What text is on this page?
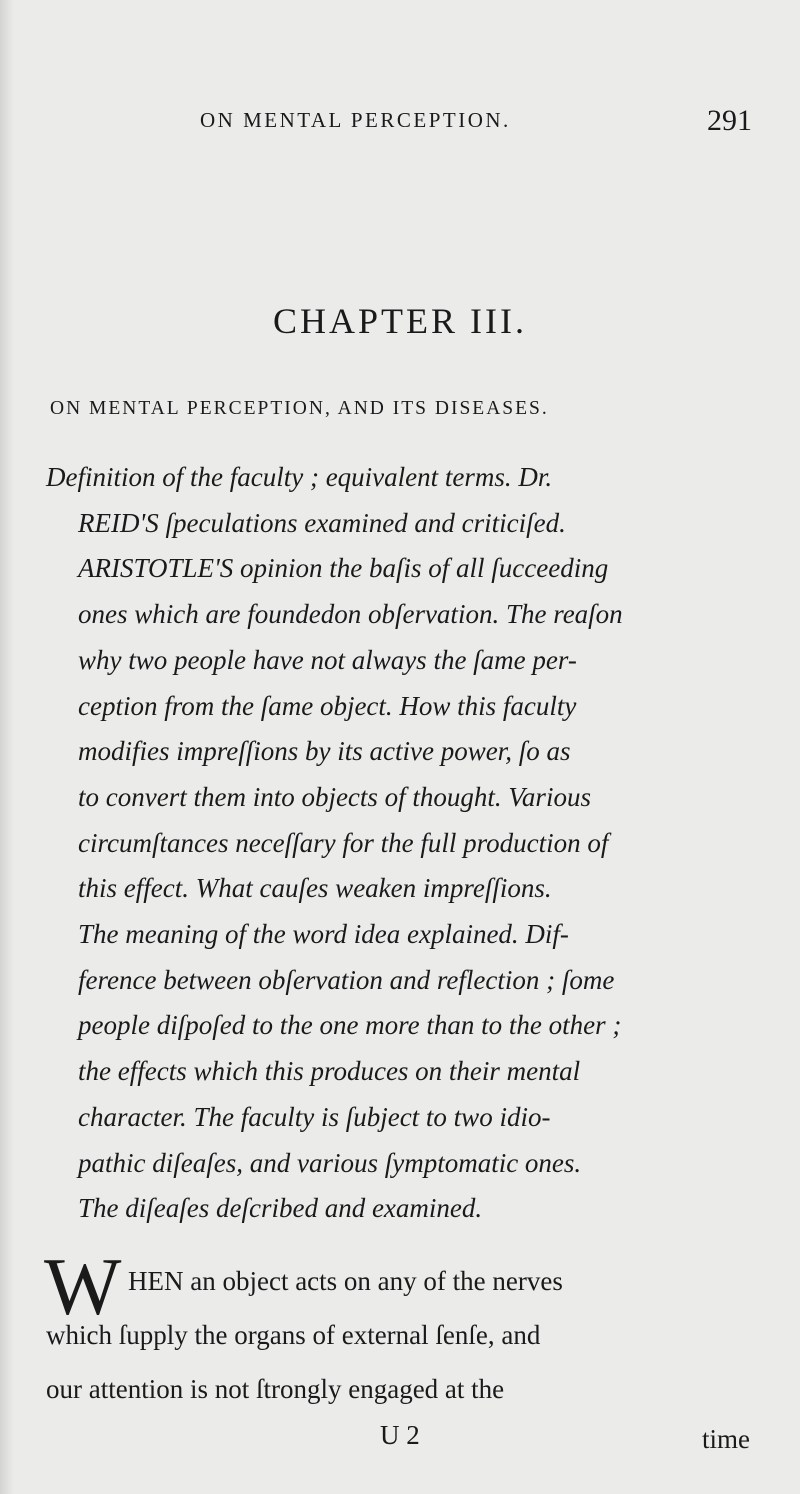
ON MENTAL PERCEPTION.	291
CHAPTER III.
ON MENTAL PERCEPTION, AND ITS DISEASES.
Definition of the faculty ; equivalent terms. Dr.
REID'S ſpeculations examined and criticiſed.
ARISTOTLE'S opinion the baſis of all ſucceeding
ones which are foundedon obſervation. The reaſon
why two people have not always the ſame per-
ception from the ſame object. How this faculty
modifies impreſſions by its active power, ſo as
to convert them into objects of thought. Various
circumſtances neceſſary for the full production of
this effect. What cauſes weaken impreſſions.
The meaning of the word idea explained. Dif-
ference between obſervation and reflection ; ſome
people diſpoſed to the one more than to the other ;
the effects which this produces on their mental
character. The faculty is ſubject to two idio-
pathic diſeaſes, and various ſymptomatic ones.
The diſeaſes deſcribed and examined.
W HEN an object acts on any of the nerves
which ſupply the organs of external ſenſe, and
our attention is not ſtrongly engaged at the
U 2	time
